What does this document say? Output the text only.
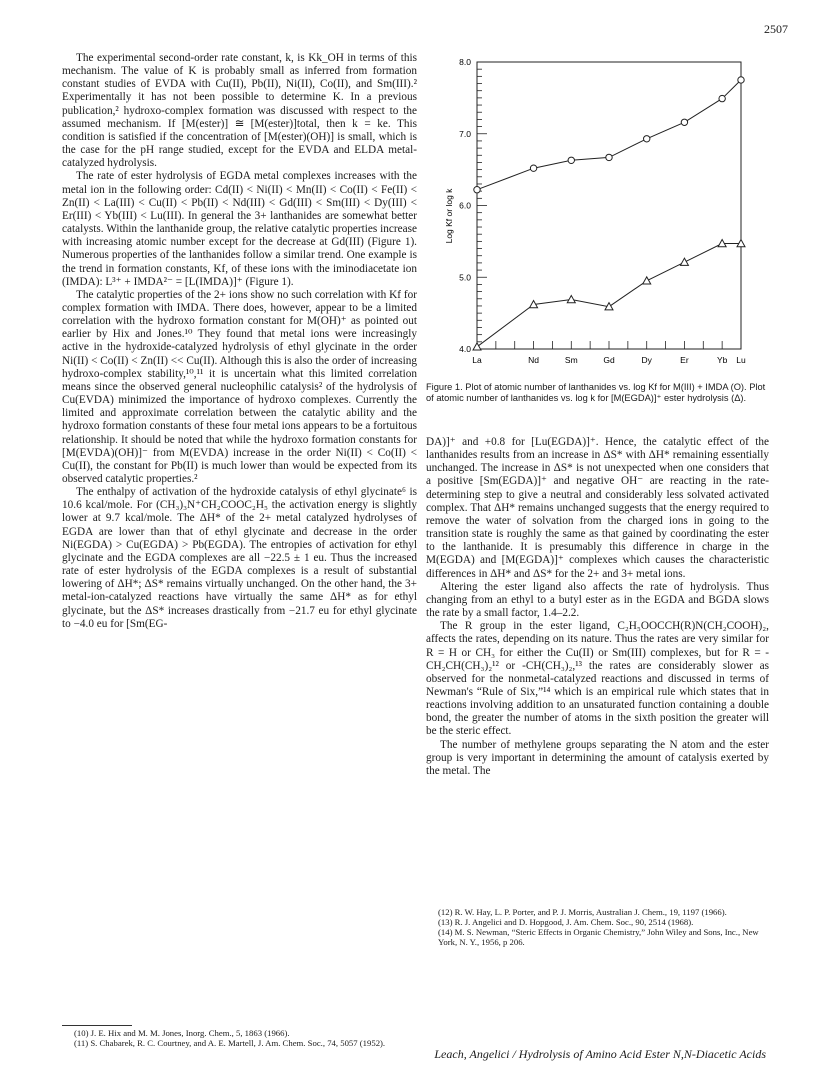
2507

The experimental second-order rate constant, k, is Kk_OH in terms of this mechanism. The value of K is probably small as inferred from formation constant studies of EVDA with Cu(II), Pb(II), Ni(II), Co(II), and Sm(III).² Experimentally it has not been possible to determine K. In a previous publication,² hydroxo-complex formation was discussed with respect to the assumed mechanism. If [M(ester)] ≅ [M(ester)]total, then k = ke. This condition is satisfied if the concentration of [M(ester)(OH)] is small, which is the case for the pH range studied, except for the EVDA and ELDA metal-catalyzed hydrolysis.

The rate of ester hydrolysis of EGDA metal complexes increases with the metal ion in the following order: Cd(II) < Ni(II) < Mn(II) < Co(II) < Fe(II) < Zn(II) < La(III) < Cu(II) < Pb(II) < Nd(III) < Gd(III) < Sm(III) < Dy(III) < Er(III) < Yb(III) < Lu(III). In general the 3+ lanthanides are somewhat better catalysts. Within the lanthanide group, the relative catalytic properties increase with increasing atomic number except for the decrease at Gd(III) (Figure 1). Numerous properties of the lanthanides follow a similar trend. One example is the trend in formation constants, Kf, of these ions with the iminodiacetate ion (IMDA): L³⁺ + IMDA²⁻ = [L(IMDA)]⁺ (Figure 1).

The catalytic properties of the 2+ ions show no such correlation with Kf for complex formation with IMDA. There does, however, appear to be a limited correlation with the hydroxo formation constant for M(OH)⁺ as pointed out earlier by Hix and Jones.¹⁰ They found that metal ions were increasingly active in the hydroxide-catalyzed hydrolysis of ethyl glycinate in the order Ni(II) < Co(II) < Zn(II) << Cu(II). Although this is also the order of increasing hydroxo-complex stability,¹⁰,¹¹ it is uncertain what this limited correlation means since the observed general nucleophilic catalysis² of the hydrolysis of Cu(EVDA) minimized the importance of hydroxo complexes. Currently the limited and approximate correlation between the catalytic ability and the hydroxo formation constants of these four metal ions appears to be a fortuitous relationship. It should be noted that while the hydroxo formation constants for [M(EVDA)(OH)]⁻ from M(EVDA) increase in the order Ni(II) < Co(II) < Cu(II), the constant for Pb(II) is much lower than would be expected from its observed catalytic properties.²

The enthalpy of activation of the hydroxide catalysis of ethyl glycinate⁶ is 10.6 kcal/mole. For (CH₃)₃N⁺CH₂COOC₂H₅ the activation energy is slightly lower at 9.7 kcal/mole. The ΔH* of the 2+ metal catalyzed hydrolyses of EGDA are lower than that of ethyl glycinate and decrease in the order Ni(EGDA) > Cu(EGDA) > Pb(EGDA). The entropies of activation for ethyl glycinate and the EGDA complexes are all −22.5 ± 1 eu. Thus the increased rate of ester hydrolysis of the EGDA complexes is a result of substantial lowering of ΔH*; ΔS* remains virtually unchanged. On the other hand, the 3+ metal-ion-catalyzed reactions have virtually the same ΔH* as for ethyl glycinate, but the ΔS* increases drastically from −21.7 eu for ethyl glycinate to −4.0 eu for [Sm(EG-

(10) J. E. Hix and M. M. Jones, Inorg. Chem., 5, 1863 (1966).

(11) S. Chabarek, R. C. Courtney, and A. E. Martell, J. Am. Chem. Soc., 74, 5057 (1952).

4.0
5.0
6.0
7.0
8.0
La	Nd	Sm	Gd	Dy	Er	Yb Lu
Log Kf or log k
Figure 1. Plot of atomic number of lanthanides vs. log Kf for M(III) + IMDA (O). Plot of atomic number of lanthanides vs. log k for [M(EGDA)]⁺ ester hydrolysis (Δ).

DA)]⁺ and +0.8 for [Lu(EGDA)]⁺. Hence, the catalytic effect of the lanthanides results from an increase in ΔS* with ΔH* remaining essentially unchanged. The increase in ΔS* is not unexpected when one considers that a positive [Sm(EGDA)]⁺ and negative OH⁻ are reacting in the rate-determining step to give a neutral and considerably less solvated activated complex. That ΔH* remains unchanged suggests that the energy required to remove the water of solvation from the charged ions in going to the transition state is roughly the same as that gained by coordinating the ester to the lanthanide. It is presumably this difference in charge in the M(EGDA) and [M(EGDA)]⁺ complexes which causes the characteristic differences in ΔH* and ΔS* for the 2+ and 3+ metal ions.

Altering the ester ligand also affects the rate of hydrolysis. Thus changing from an ethyl to a butyl ester as in the EGDA and BGDA slows the rate by a small factor, 1.4–2.2.

The R group in the ester ligand, C₂H₅OOCCH(R)N(CH₂COOH)₂, affects the rates, depending on its nature. Thus the rates are very similar for R = H or CH₃ for either the Cu(II) or Sm(III) complexes, but for R = -CH₂CH(CH₃)₂¹² or -CH(CH₃)₂,¹³ the rates are considerably slower as observed for the nonmetal-catalyzed reactions and discussed in terms of Newman's “Rule of Six,”¹⁴ which is an empirical rule which states that in reactions involving addition to an unsaturated function containing a double bond, the greater the number of atoms in the sixth position the greater will be the steric effect.

The number of methylene groups separating the N atom and the ester group is very important in determining the amount of catalysis exerted by the metal. The

(12) R. W. Hay, L. P. Porter, and P. J. Morris, Australian J. Chem., 19, 1197 (1966).

(13) R. J. Angelici and D. Hopgood, J. Am. Chem. Soc., 90, 2514 (1968).

(14) M. S. Newman, “Steric Effects in Organic Chemistry,” John Wiley and Sons, Inc., New York, N. Y., 1956, p 206.

Leach, Angelici / Hydrolysis of Amino Acid Ester N,N-Diacetic Acids
